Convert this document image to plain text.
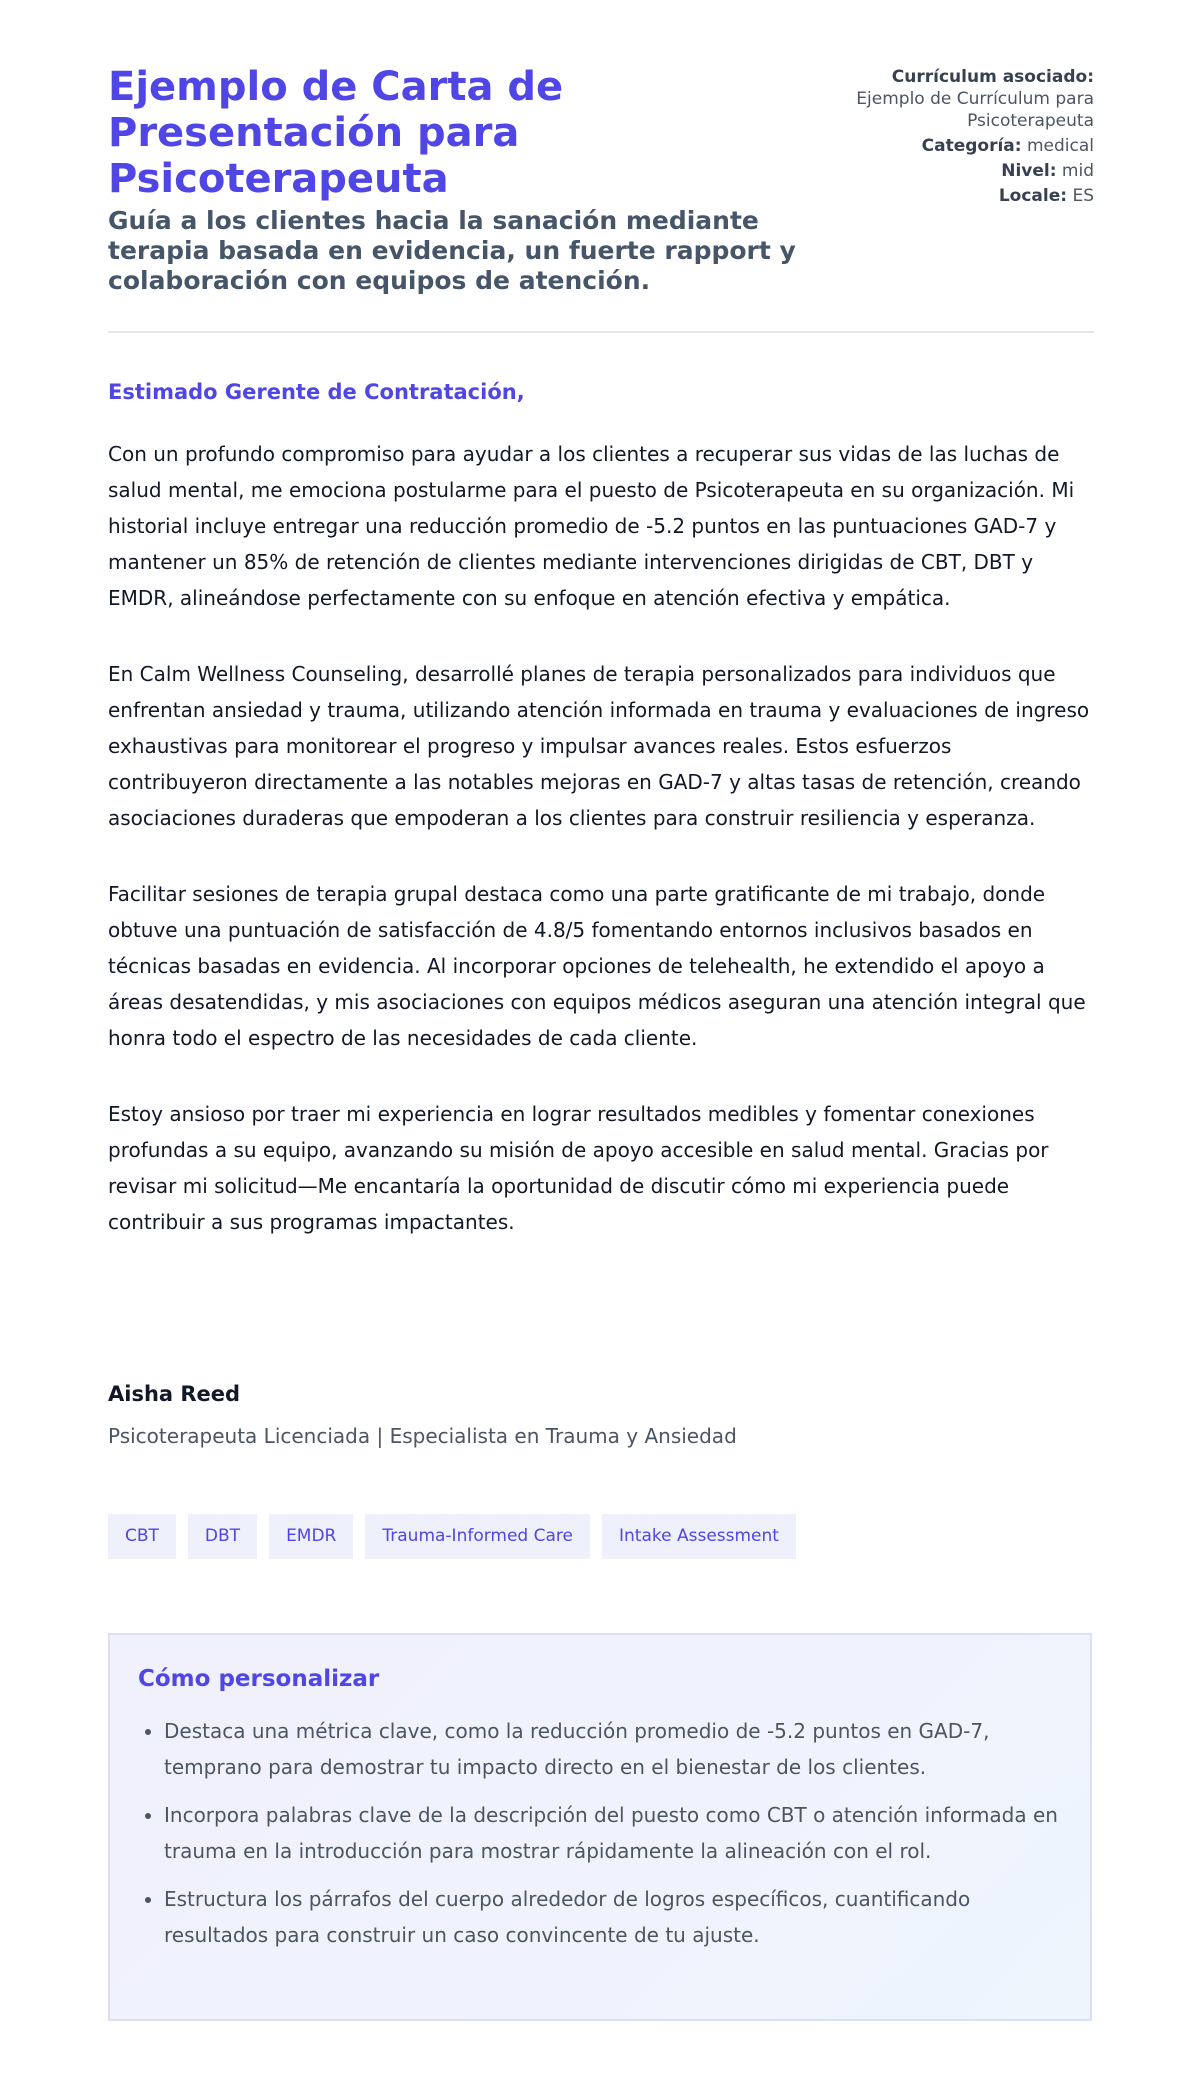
Ejemplo de Carta de Presentación para Psicoterapeuta

Guía a los clientes hacia la sanación mediante terapia basada en evidencia, un fuerte rapport y colaboración con equipos de atención.

Currículum asociado:
Ejemplo de Currículum para Psicoterapeuta
Categoría: medical
Nivel: mid
Locale: ES

Estimado Gerente de Contratación,

Con un profundo compromiso para ayudar a los clientes a recuperar sus vidas de las luchas de salud mental, me emociona postularme para el puesto de Psicoterapeuta en su organización. Mi historial incluye entregar una reducción promedio de -5.2 puntos en las puntuaciones GAD-7 y mantener un 85% de retención de clientes mediante intervenciones dirigidas de CBT, DBT y EMDR, alineándose perfectamente con su enfoque en atención efectiva y empática.

En Calm Wellness Counseling, desarrollé planes de terapia personalizados para individuos que enfrentan ansiedad y trauma, utilizando atención informada en trauma y evaluaciones de ingreso exhaustivas para monitorear el progreso y impulsar avances reales. Estos esfuerzos contribuyeron directamente a las notables mejoras en GAD-7 y altas tasas de retención, creando asociaciones duraderas que empoderan a los clientes para construir resiliencia y esperanza.

Facilitar sesiones de terapia grupal destaca como una parte gratificante de mi trabajo, donde obtuve una puntuación de satisfacción de 4.8/5 fomentando entornos inclusivos basados en técnicas basadas en evidencia. Al incorporar opciones de telehealth, he extendido el apoyo a áreas desatendidas, y mis asociaciones con equipos médicos aseguran una atención integral que honra todo el espectro de las necesidades de cada cliente.

Estoy ansioso por traer mi experiencia en lograr resultados medibles y fomentar conexiones profundas a su equipo, avanzando su misión de apoyo accesible en salud mental. Gracias por revisar mi solicitud—Me encantaría la oportunidad de discutir cómo mi experiencia puede contribuir a sus programas impactantes.

Aisha Reed

Psicoterapeuta Licenciada | Especialista en Trauma y Ansiedad

CBT	DBT	EMDR	Trauma-Informed Care	Intake Assessment
Cómo personalizar
• Destaca una métrica clave, como la reducción promedio de -5.2 puntos en GAD-7, temprano para demostrar tu impacto directo en el bienestar de los clientes.
• Incorpora palabras clave de la descripción del puesto como CBT o atención informada en trauma en la introducción para mostrar rápidamente la alineación con el rol.
• Estructura los párrafos del cuerpo alrededor de logros específicos, cuantificando resultados para construir un caso convincente de tu ajuste.
